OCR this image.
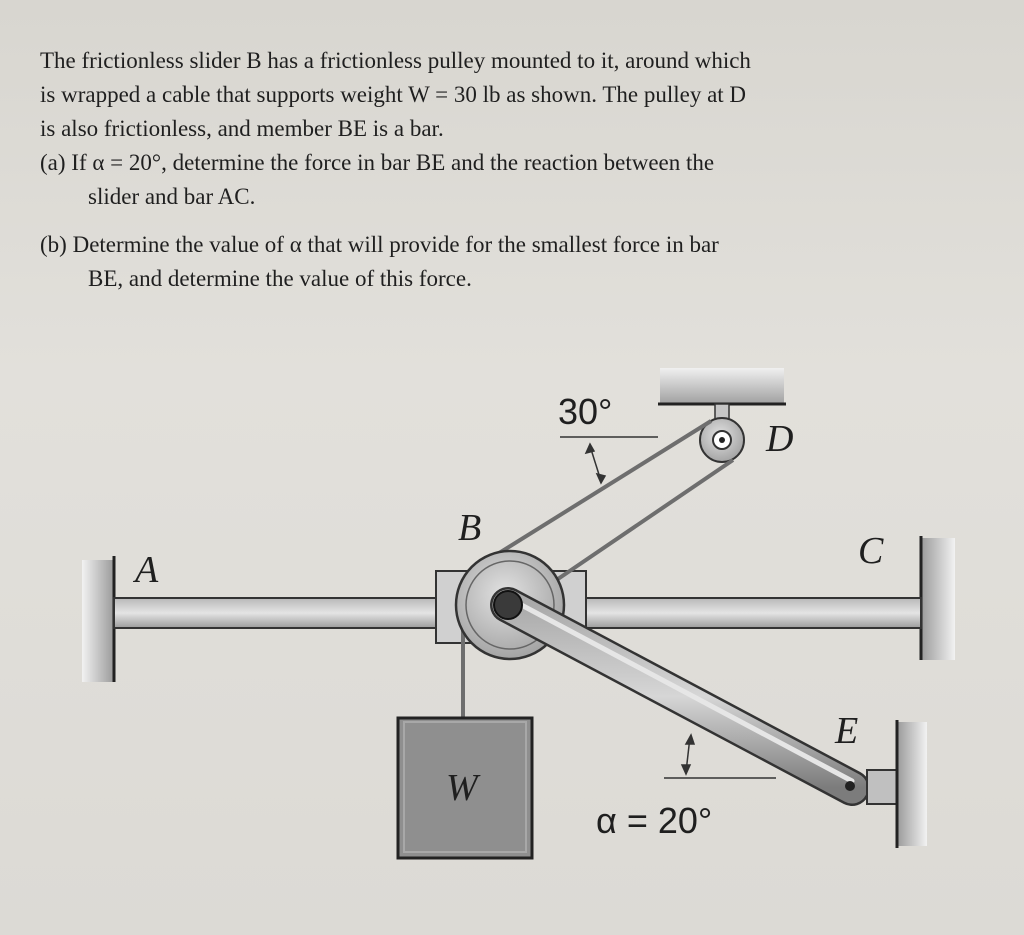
The frictionless slider B has a frictionless pulley mounted to it, around which

is wrapped a cable that supports weight W = 30 lb as shown. The pulley at D

is also frictionless, and member BE is a bar.

(a) If α = 20°, determine the force in bar BE and the reaction between the

slider and bar AC.

(b) Determine the value of α that will provide for the smallest force in bar

BE, and determine the value of this force.

A
B
C
D
E
W
30°
α = 20°
